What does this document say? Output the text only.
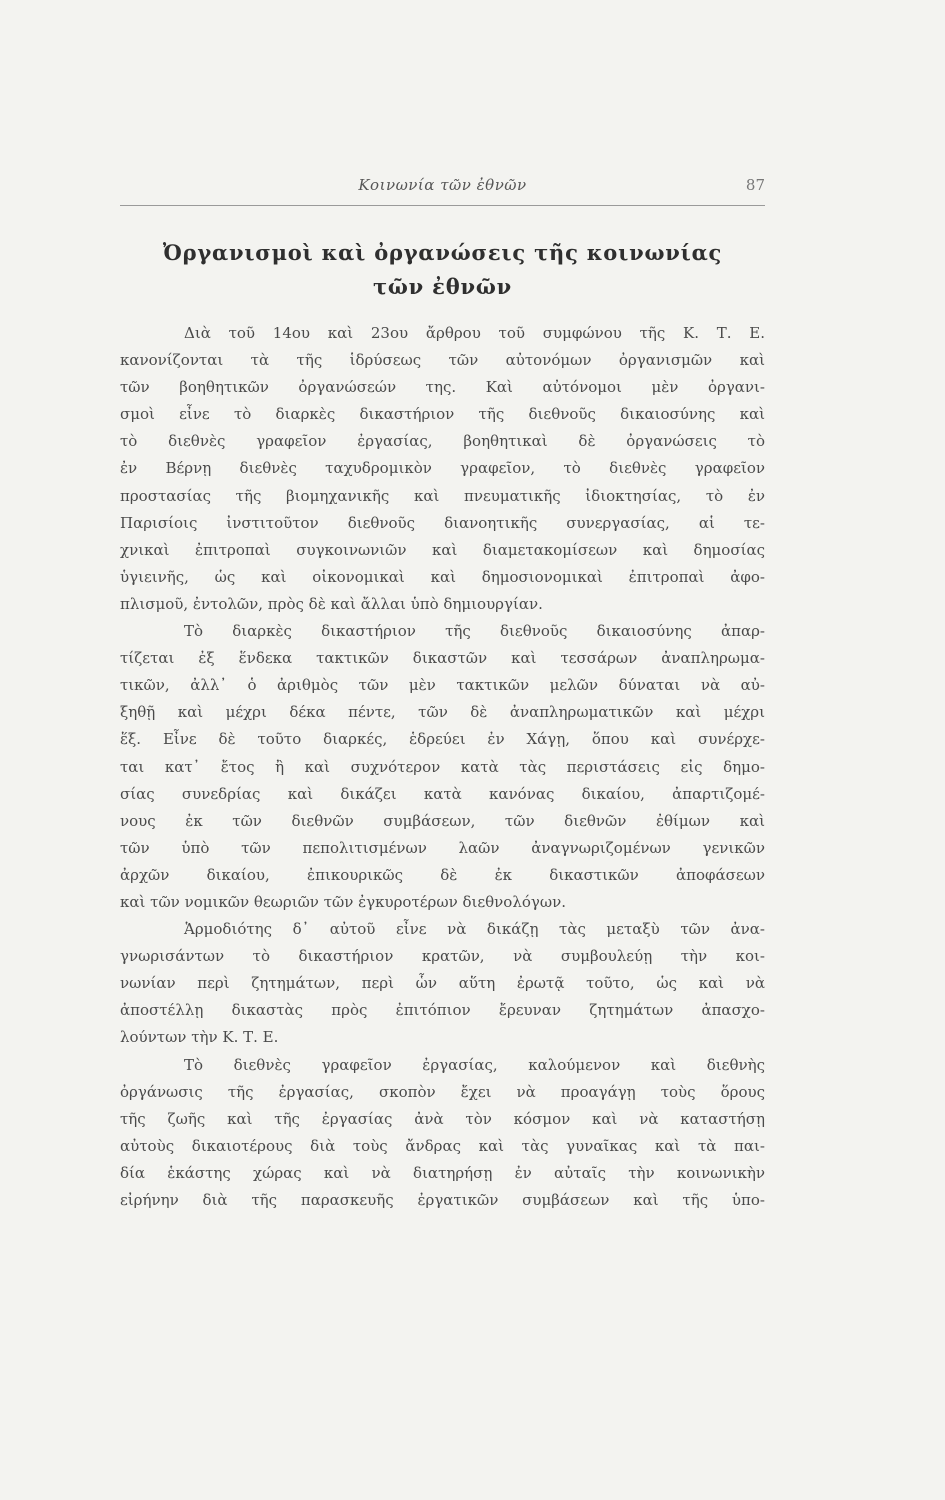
Κοινωνία τῶν ἐθνῶν	87
Ὀργανισμοὶ καὶ ὀργανώσεις τῆς κοινωνίας
τῶν ἐθνῶν
Διὰ τοῦ 14ου καὶ 23ου ἄρθρου τοῦ συμφώνου τῆς Κ. Τ. Ε.
κανονίζονται τὰ τῆς ἱδρύσεως τῶν αὐτονόμων ὀργανισμῶν καὶ
τῶν βοηθητικῶν ὀργανώσεών της. Καὶ αὐτόνομοι μὲν ὀργανι-
σμοὶ εἶνε τὸ διαρκὲς δικαστήριον τῆς διεθνοῦς δικαιοσύνης καὶ
τὸ διεθνὲς γραφεῖον ἐργασίας, βοηθητικαὶ δὲ ὀργανώσεις τὸ
ἐν Βέρνῃ διεθνὲς ταχυδρομικὸν γραφεῖον, τὸ διεθνὲς γραφεῖον
προστασίας τῆς βιομηχανικῆς καὶ πνευματικῆς ἰδιοκτησίας, τὸ ἐν
Παρισίοις ἰνστιτοῦτον διεθνοῦς διανοητικῆς συνεργασίας, αἱ τε-
χνικαὶ ἐπιτροπαὶ συγκοινωνιῶν καὶ διαμετακομίσεων καὶ δημοσίας
ὑγιεινῆς, ὡς καὶ οἰκονομικαὶ καὶ δημοσιονομικαὶ ἐπιτροπαὶ ἀφο-
πλισμοῦ, ἐντολῶν, πρὸς δὲ καὶ ἄλλαι ὑπὸ δημιουργίαν.
Τὸ διαρκὲς δικαστήριον τῆς διεθνοῦς δικαιοσύνης ἀπαρ-
τίζεται ἐξ ἕνδεκα τακτικῶν δικαστῶν καὶ τεσσάρων ἀναπληρωμα-
τικῶν, ἀλλ᾽ ὁ ἀριθμὸς τῶν μὲν τακτικῶν μελῶν δύναται νὰ αὐ-
ξηθῇ καὶ μέχρι δέκα πέντε, τῶν δὲ ἀναπληρωματικῶν καὶ μέχρι
ἕξ. Εἶνε δὲ τοῦτο διαρκές, ἑδρεύει ἐν Χάγῃ, ὅπου καὶ συνέρχε-
ται κατ᾽ ἔτος ἢ καὶ συχνότερον κατὰ τὰς περιστάσεις εἰς δημο-
σίας συνεδρίας καὶ δικάζει κατὰ κανόνας δικαίου, ἀπαρτιζομέ-
νους ἐκ τῶν διεθνῶν συμβάσεων, τῶν διεθνῶν ἐθίμων καὶ
τῶν ὑπὸ τῶν πεπολιτισμένων λαῶν ἀναγνωριζομένων γενικῶν
ἀρχῶν δικαίου, ἐπικουρικῶς δὲ ἐκ δικαστικῶν ἀποφάσεων
καὶ τῶν νομικῶν θεωριῶν τῶν ἐγκυροτέρων διεθνολόγων.
Ἁρμοδιότης δ᾽ αὐτοῦ εἶνε νὰ δικάζῃ τὰς μεταξὺ τῶν ἀνα-
γνωρισάντων τὸ δικαστήριον κρατῶν, νὰ συμβουλεύῃ τὴν κοι-
νωνίαν περὶ ζητημάτων, περὶ ὧν αὕτη ἐρωτᾷ τοῦτο, ὡς καὶ νὰ
ἀποστέλλῃ δικαστὰς πρὸς ἐπιτόπιον ἔρευναν ζητημάτων ἀπασχο-
λούντων τὴν Κ. Τ. Ε.
Τὸ διεθνὲς γραφεῖον ἐργασίας, καλούμενον καὶ διεθνὴς
ὀργάνωσις τῆς ἐργασίας, σκοπὸν ἔχει νὰ προαγάγῃ τοὺς ὅρους
τῆς ζωῆς καὶ τῆς ἐργασίας ἀνὰ τὸν κόσμον καὶ νὰ καταστήσῃ
αὐτοὺς δικαιοτέρους διὰ τοὺς ἄνδρας καὶ τὰς γυναῖκας καὶ τὰ παι-
δία ἑκάστης χώρας καὶ νὰ διατηρήσῃ ἐν αὐταῖς τὴν κοινωνικὴν
εἰρήνην διὰ τῆς παρασκευῆς ἐργατικῶν συμβάσεων καὶ τῆς ὑπο-
